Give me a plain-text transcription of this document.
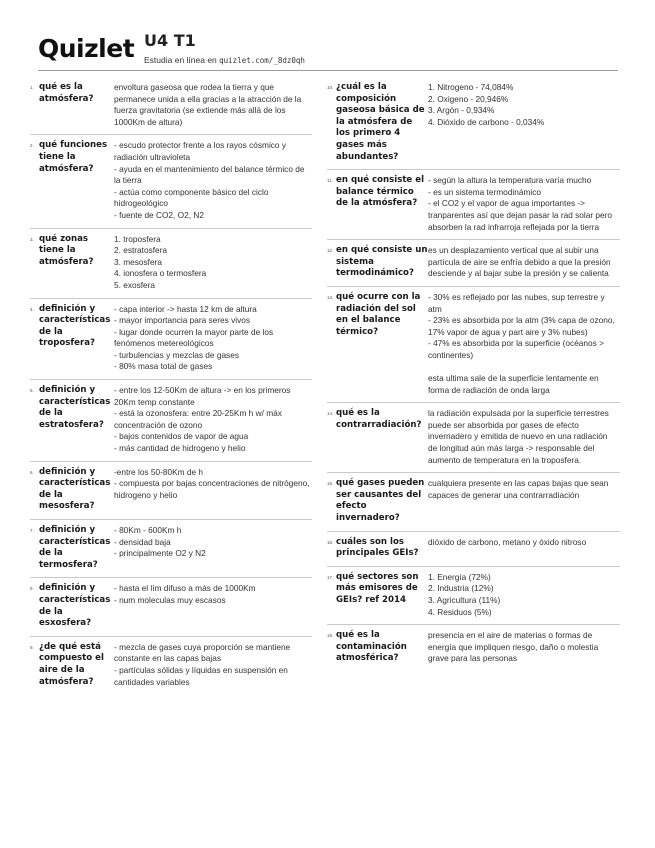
Quizlet U4 T1
Estudia en línea en quizlet.com/_8dz0qh
1. qué es la atmósfera?
envoltura gaseosa que rodea la tierra y que permanece unida a ella gracias a la atracción de la fuerza gravitatoria (se extiende más allá de los 1000Km de altura)
2. qué funciones tiene la atmósfera?
- escudo protector frente a los rayos cósmico y radiación ultravioleta
- ayuda en el mantenimiento del balance térmico de la tierra
- actúa como componente básico del ciclo hidrogeológico
- fuente de CO2, O2, N2
3. qué zonas tiene la atmósfera?
1. troposfera
2. estratosfera
3. mesosfera
4. ionosfera o termosfera
5. exosfera
4. definición y características de la troposfera?
- capa interior -> hasta 12 km de altura
- mayor importancia para seres vivos
- lugar donde ocurren la mayor parte de los fenómenos metereológicos
- turbulencias y mezclas de gases
- 80% masa total de gases
5. definición y características de la estratosfera?
- entre los 12-50Km de altura -> en los primeros 20Km temp constante
- está la ozonosfera: entre 20-25Km h w/ máx concentración de ozono
- bajos contenidos de vapor de agua
- más cantidad de hidrogeno y helio
6. definición y características de la mesosfera?
-entre los 50-80Km de h
- compuesta por bajas concentraciones de nitrógeno, hidrogeno y helio
7. definición y características de la termosfera?
- 80Km - 600Km h
- densidad baja
- principalmente O2 y N2
8. definición y características de la esxosfera?
- hasta el lím difuso a más de 1000Km
- num moleculas muy escasos
9. ¿de qué está compuesto el aire de la atmósfera?
- mezcla de gases cuya proporción se mantiene constante en las capas bajas
- partículas sólidas y líquidas en suspensión en cantidades variables
10. ¿cuál es la composición gaseosa básica de la atmósfera de los primero 4 gases más abundantes?
1. Nitrogeno - 74,084%
2. Oxigeno - 20,946%
3. Argón - 0,934%
4. Dióxido de carbono - 0,034%
11. en qué consiste el balance térmico de la atmósfera?
- según la altura la temperatura varía mucho
- es un sistema termodinámico
- el CO2 y el vapor de agua importantes -> tranparentes así que dejan pasar la rad solar pero absorben la rad infrarroja reflejada por la tierra
12. en qué consiste un sistema termodinámico?
es un desplazamiento vertical que al subir una partícula de aire se enfría debido a que la presión desciende y al bajar sube la presión y se calienta
13. qué ocurre con la radiación del sol en el balance térmico?
- 30% es reflejado por las nubes, sup terrestre y atm
- 23% es absorbida por la atm (3% capa de ozono, 17% vapor de agua y part aire y 3% nubes)
- 47% es absorbida por la superficie (océanos > continentes)

esta ultima sale de la superficie lentamente en forma de radiación de onda larga
14. qué es la contrarradiación?
la radiación expulsada por la superficie terrestres puede ser absorbida por gases de efecto invernadero y emitida de nuevo en una radiación de longitud aún más larga -> responsable del aumento de temperatura en la troposfera.
15. qué gases pueden ser causantes del efecto invernadero?
cualquiera presente en las capas bajas que sean capaces de generar una contrarradiación
16. cuáles son los principales GEIs?
dióxido de carbono, metano y óxido nitroso
17. qué sectores son más emisores de GEIs? ref 2014
1. Energía (72%)
2. Industria (12%)
3. Agricultura (11%)
4. Residuos (5%)
18. qué es la contaminación atmosférica?
presencia en el aire de materias o formas de energía que impliquen riesgo, daño o molestia grave para las personas
